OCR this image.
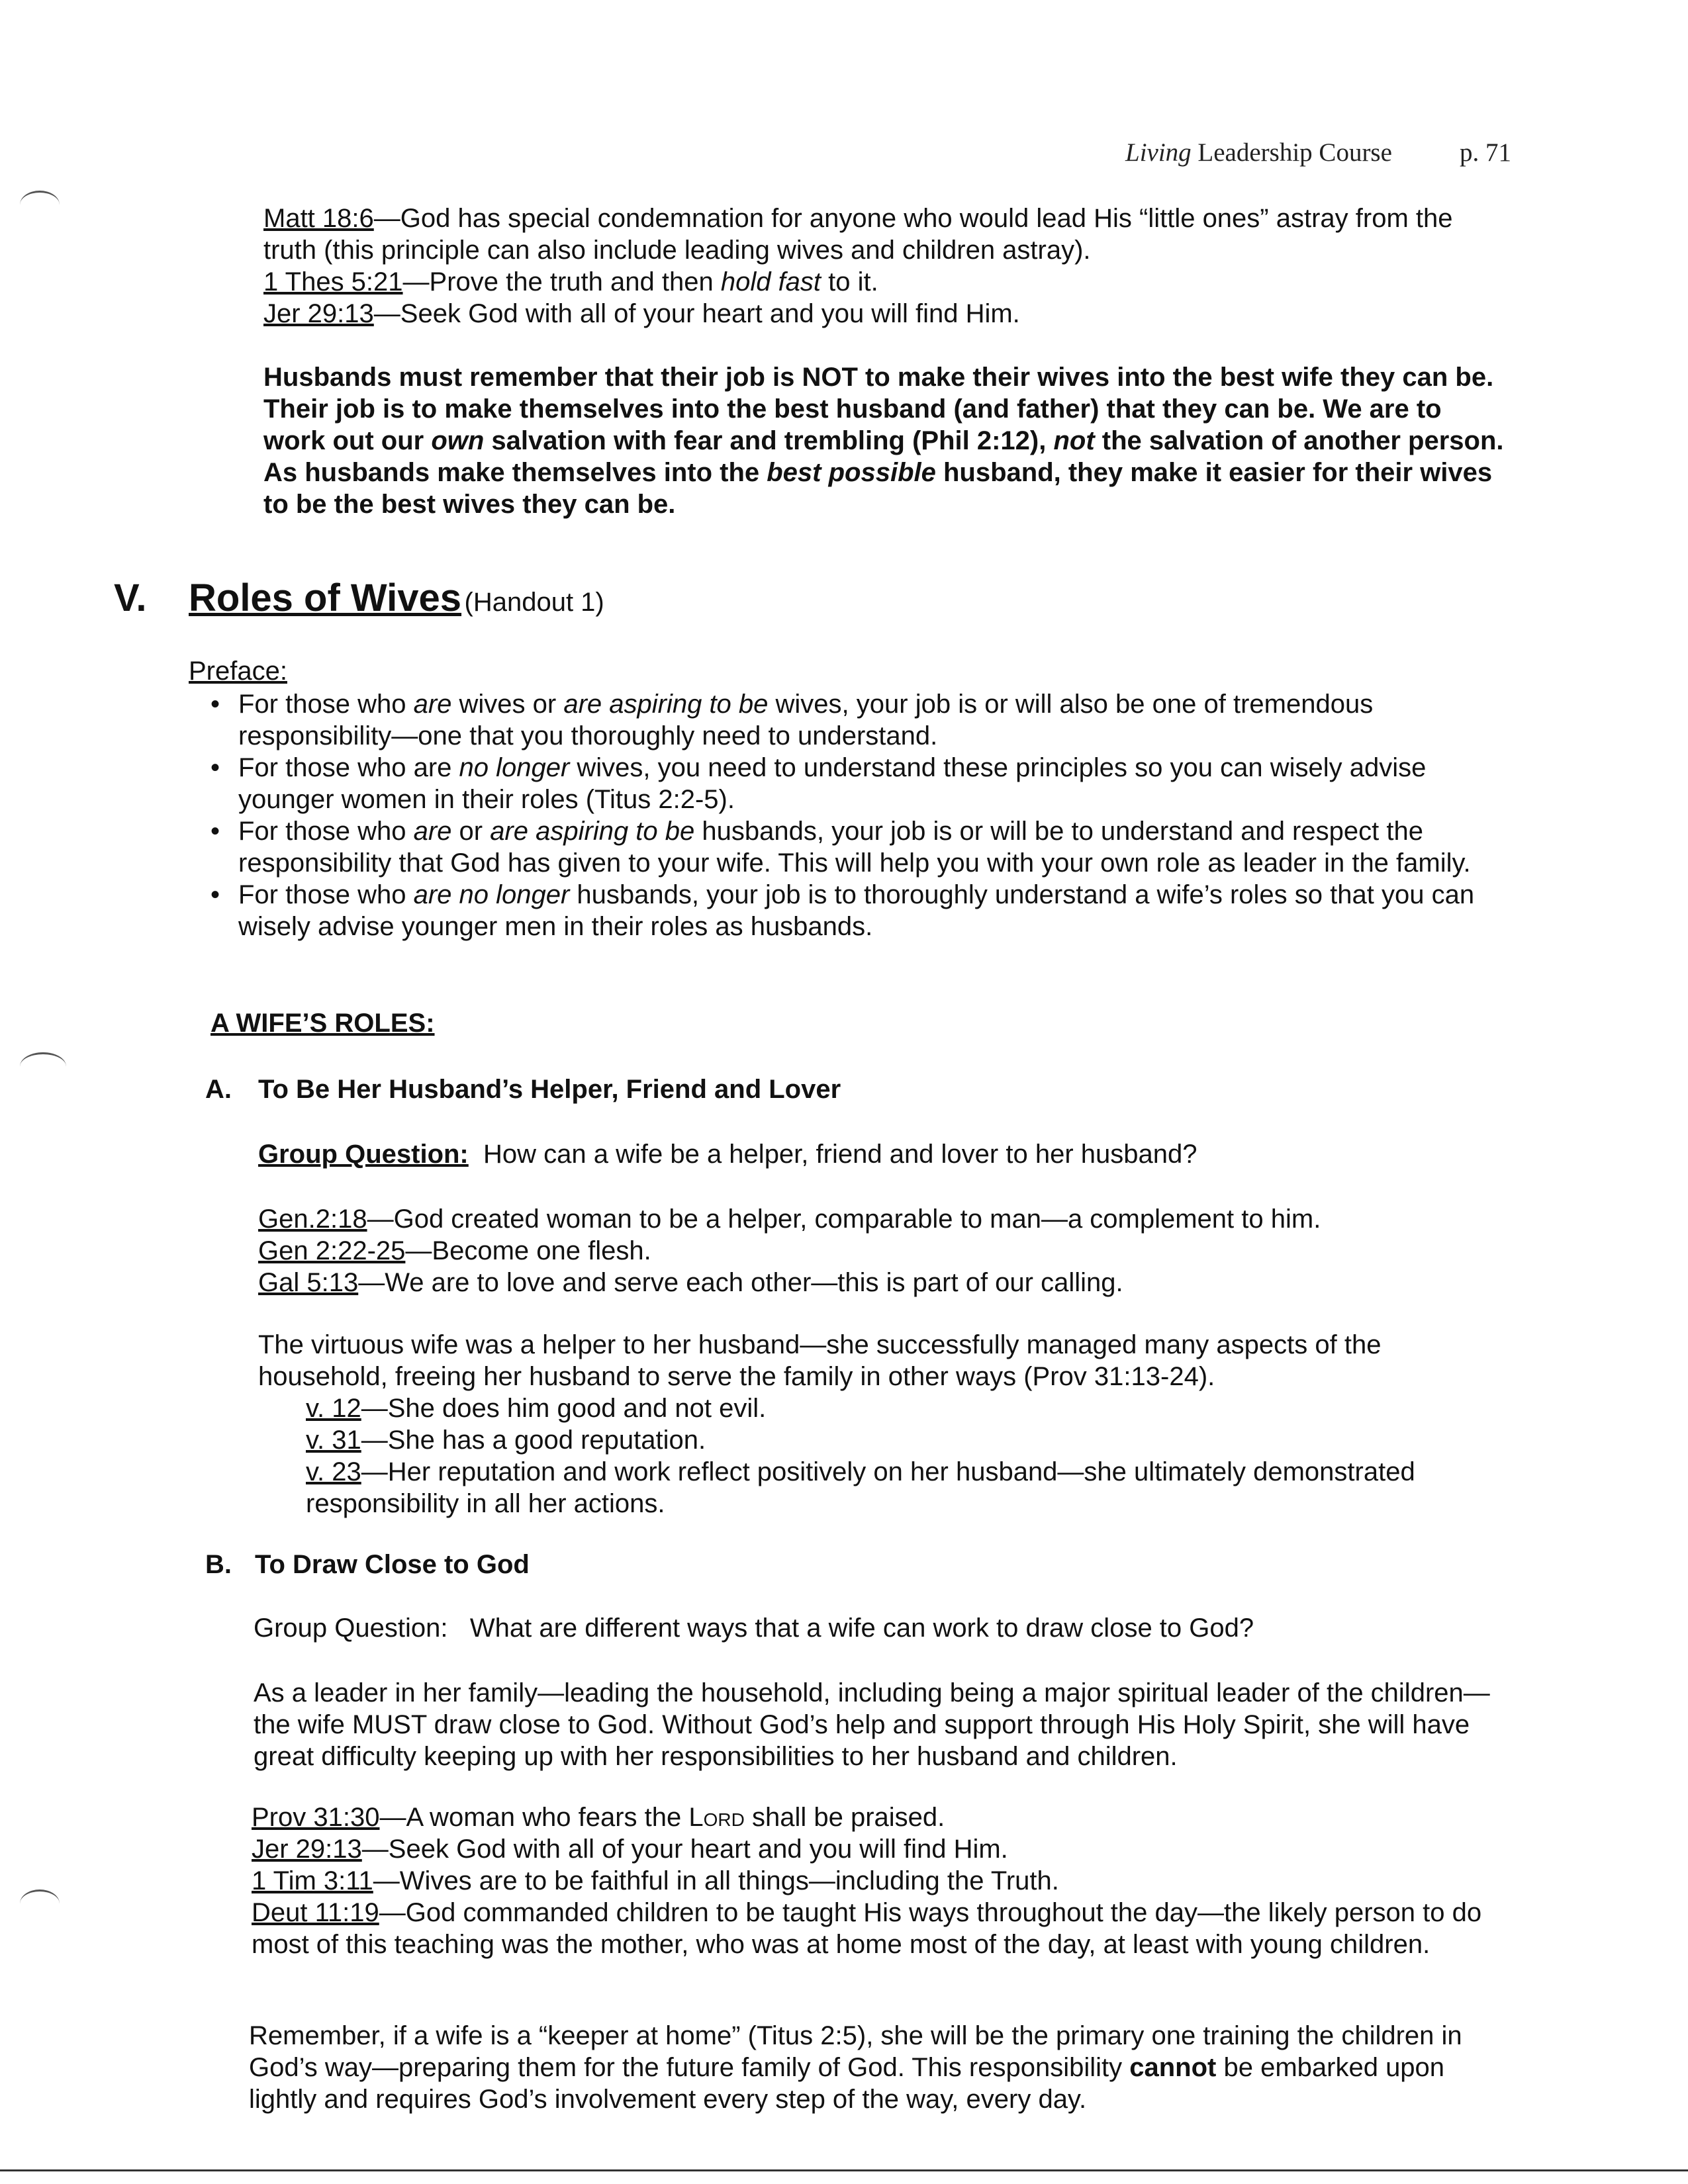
Living Leadership Course	p. 71
Matt 18:6—God has special condemnation for anyone who would lead His “little ones” astray from the truth (this principle can also include leading wives and children astray).
1 Thes 5:21—Prove the truth and then hold fast to it.
Jer 29:13—Seek God with all of your heart and you will find Him.
Husbands must remember that their job is NOT to make their wives into the best wife they can be. Their job is to make themselves into the best husband (and father) that they can be. We are to work out our own salvation with fear and trembling (Phil 2:12), not the salvation of another person. As husbands make themselves into the best possible husband, they make it easier for their wives to be the best wives they can be.
V. Roles of Wives (Handout 1)
Preface:
• For those who are wives or are aspiring to be wives, your job is or will also be one of tremendous responsibility—one that you thoroughly need to understand.
• For those who are no longer wives, you need to understand these principles so you can wisely advise younger women in their roles (Titus 2:2-5).
• For those who are or are aspiring to be husbands, your job is or will be to understand and respect the responsibility that God has given to your wife. This will help you with your own role as leader in the family.
• For those who are no longer husbands, your job is to thoroughly understand a wife’s roles so that you can wisely advise younger men in their roles as husbands.
A WIFE’S ROLES:
A. To Be Her Husband’s Helper, Friend and Lover
Group Question: How can a wife be a helper, friend and lover to her husband?
Gen.2:18—God created woman to be a helper, comparable to man—a complement to him.
Gen 2:22-25—Become one flesh.
Gal 5:13—We are to love and serve each other—this is part of our calling.
The virtuous wife was a helper to her husband—she successfully managed many aspects of the household, freeing her husband to serve the family in other ways (Prov 31:13-24).
v. 12—She does him good and not evil.
v. 31—She has a good reputation.
v. 23—Her reputation and work reflect positively on her husband—she ultimately demonstrated responsibility in all her actions.
B. To Draw Close to God
Group Question: What are different ways that a wife can work to draw close to God?
As a leader in her family—leading the household, including being a major spiritual leader of the children—the wife MUST draw close to God. Without God’s help and support through His Holy Spirit, she will have great difficulty keeping up with her responsibilities to her husband and children.
Prov 31:30—A woman who fears the Lord shall be praised.
Jer 29:13—Seek God with all of your heart and you will find Him.
1 Tim 3:11—Wives are to be faithful in all things—including the Truth.
Deut 11:19—God commanded children to be taught His ways throughout the day—the likely person to do most of this teaching was the mother, who was at home most of the day, at least with young children.
Remember, if a wife is a “keeper at home” (Titus 2:5), she will be the primary one training the children in God’s way—preparing them for the future family of God. This responsibility cannot be embarked upon lightly and requires God’s involvement every step of the way, every day.
